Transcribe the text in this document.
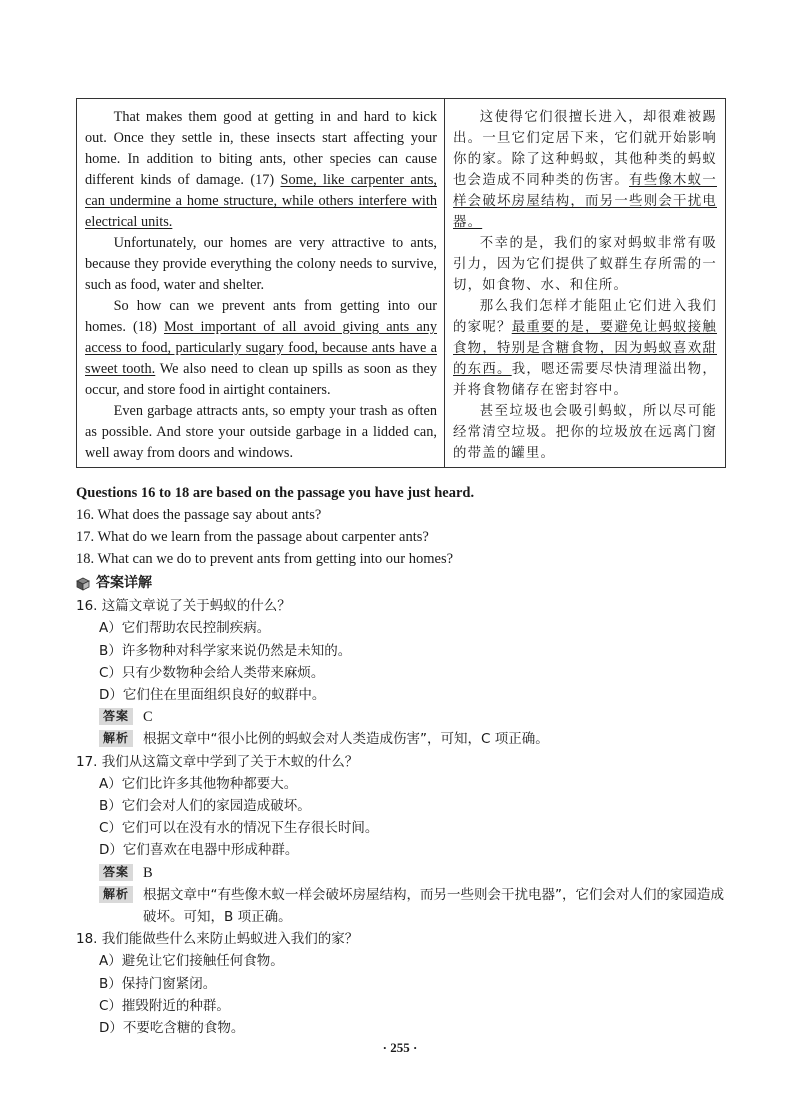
That makes them good at getting in and hard to kick out. Once they settle in, these insects start affecting your home. In addition to biting ants, other species can cause different kinds of damage. (17) Some, like carpenter ants, can undermine a home structure, while others interfere with electrical units.

Unfortunately, our homes are very attractive to ants, because they provide everything the colony needs to survive, such as food, water and shelter.

So how can we prevent ants from getting into our homes. (18) Most important of all avoid giving ants any access to food, particularly sugary food, because ants have a sweet tooth. We also need to clean up spills as soon as they occur, and store food in airtight containers.

Even garbage attracts ants, so empty your trash as often as possible. And store your outside garbage in a lidded can, well away from doors and windows.

这使得它们很擅长进入，却很难被踢出。一旦它们定居下来，它们就开始影响你的家。除了这种蚂蚁，其他种类的蚂蚁也会造成不同种类的伤害。有些像木蚁一样会破坏房屋结构，而另一些则会干扰电器。

不幸的是，我们的家对蚂蚁非常有吸引力，因为它们提供了蚁群生存所需的一切，如食物、水、和住所。

那么我们怎样才能阻止它们进入我们的家呢？最重要的是，要避免让蚂蚁接触食物，特别是含糖食物，因为蚂蚁喜欢甜的东西。我，嗯还需要尽快清理溢出物，并将食物储存在密封容中。

甚至垃圾也会吸引蚂蚁，所以尽可能经常清空垃圾。把你的垃圾放在远离门窗的带盖的罐里。

Questions 16 to 18 are based on the passage you have just heard.
16. What does the passage say about ants?
17. What do we learn from the passage about carpenter ants?
18. What can we do to prevent ants from getting into our homes?
答案详解
16. 这篇文章说了关于蚂蚁的什么？
A）它们帮助农民控制疾病。
B）许多物种对科学家来说仍然是未知的。
C）只有少数物种会给人类带来麻烦。
D）它们住在里面组织良好的蚁群中。
答案 C
解析 根据文章中“很小比例的蚂蚁会对人类造成伤害”，可知，C 项正确。
17. 我们从这篇文章中学到了关于木蚁的什么？
A）它们比许多其他物种都要大。
B）它们会对人们的家园造成破坏。
C）它们可以在没有水的情况下生存很长时间。
D）它们喜欢在电器中形成种群。
答案 B
解析 根据文章中“有些像木蚁一样会破坏房屋结构，而另一些则会干扰电器”，它们会对人们的家园造成破坏。可知，B 项正确。
18. 我们能做些什么来防止蚂蚁进入我们的家？
A）避免让它们接触任何食物。
B）保持门窗紧闭。
C）摧毁附近的种群。
D）不要吃含糖的食物。
· 255 ·
